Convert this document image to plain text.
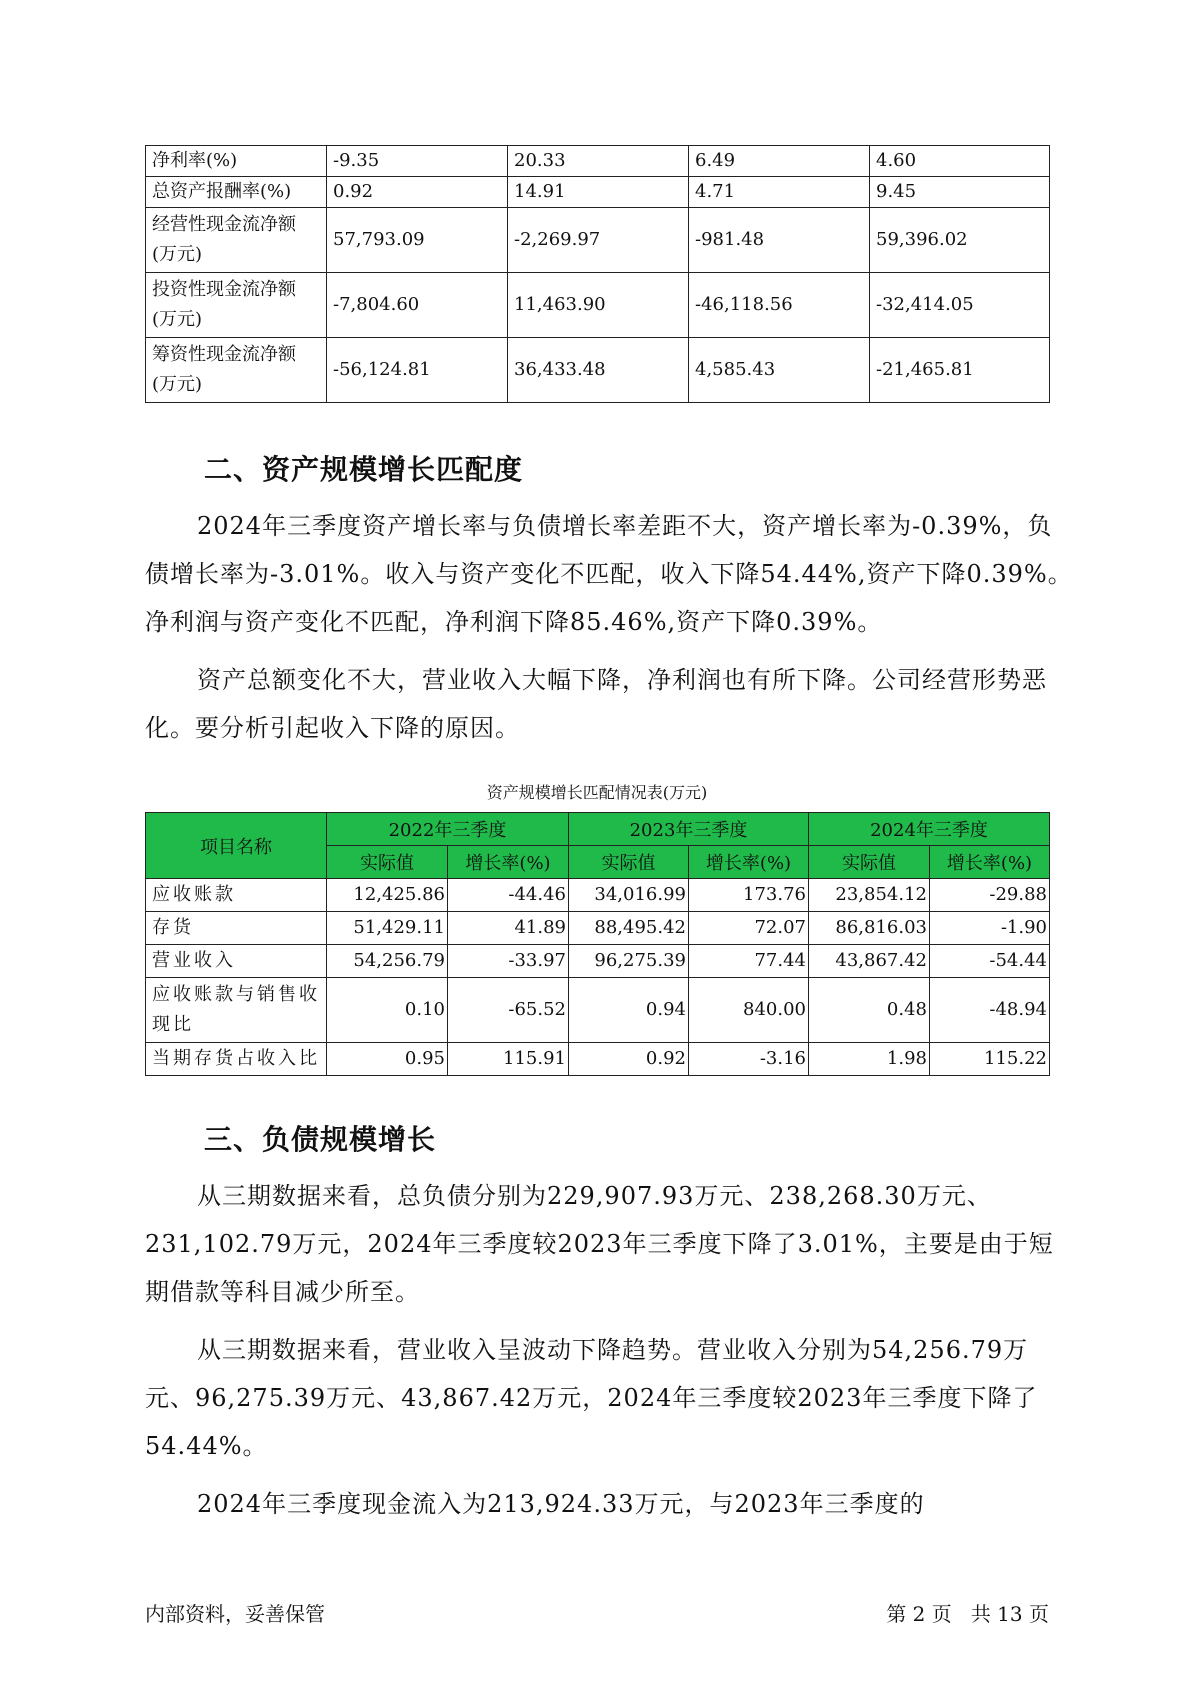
净利率(%)	-9.35	20.33	6.49	4.60
总资产报酬率(%)	0.92	14.91	4.71	9.45
经营性现金流净额(万元)	57,793.09	-2,269.97	-981.48	59,396.02
投资性现金流净额(万元)	-7,804.60	11,463.90	-46,118.56	-32,414.05
筹资性现金流净额(万元)	-56,124.81	36,433.48	4,585.43	-21,465.81
二、资产规模增长匹配度

2024年三季度资产增长率与负债增长率差距不大，资产增长率为-0.39%，负债增长率为-3.01%。收入与资产变化不匹配，收入下降54.44%,资产下降0.39%。净利润与资产变化不匹配，净利润下降85.46%,资产下降0.39%。

资产总额变化不大，营业收入大幅下降，净利润也有所下降。公司经营形势恶化。要分析引起收入下降的原因。

资产规模增长匹配情况表(万元)
项目名称	2022年三季度		2023年三季度		2024年三季度	
	实际值	增长率(%)	实际值	增长率(%)	实际值	增长率(%)
应收账款	12,425.86	-44.46	34,016.99	173.76	23,854.12	-29.88
存货	51,429.11	41.89	88,495.42	72.07	86,816.03	-1.90
营业收入	54,256.79	-33.97	96,275.39	77.44	43,867.42	-54.44
应收账款与销售收现比	0.10	-65.52	0.94	840.00	0.48	-48.94
当期存货占收入比	0.95	115.91	0.92	-3.16	1.98	115.22
三、负债规模增长

从三期数据来看，总负债分别为229,907.93万元、238,268.30万元、231,102.79万元，2024年三季度较2023年三季度下降了3.01%，主要是由于短期借款等科目减少所至。

从三期数据来看，营业收入呈波动下降趋势。营业收入分别为54,256.79万元、96,275.39万元、43,867.42万元，2024年三季度较2023年三季度下降了54.44%。

2024年三季度现金流入为213,924.33万元，与2023年三季度的

内部资料，妥善保管	第 2 页   共 13 页
